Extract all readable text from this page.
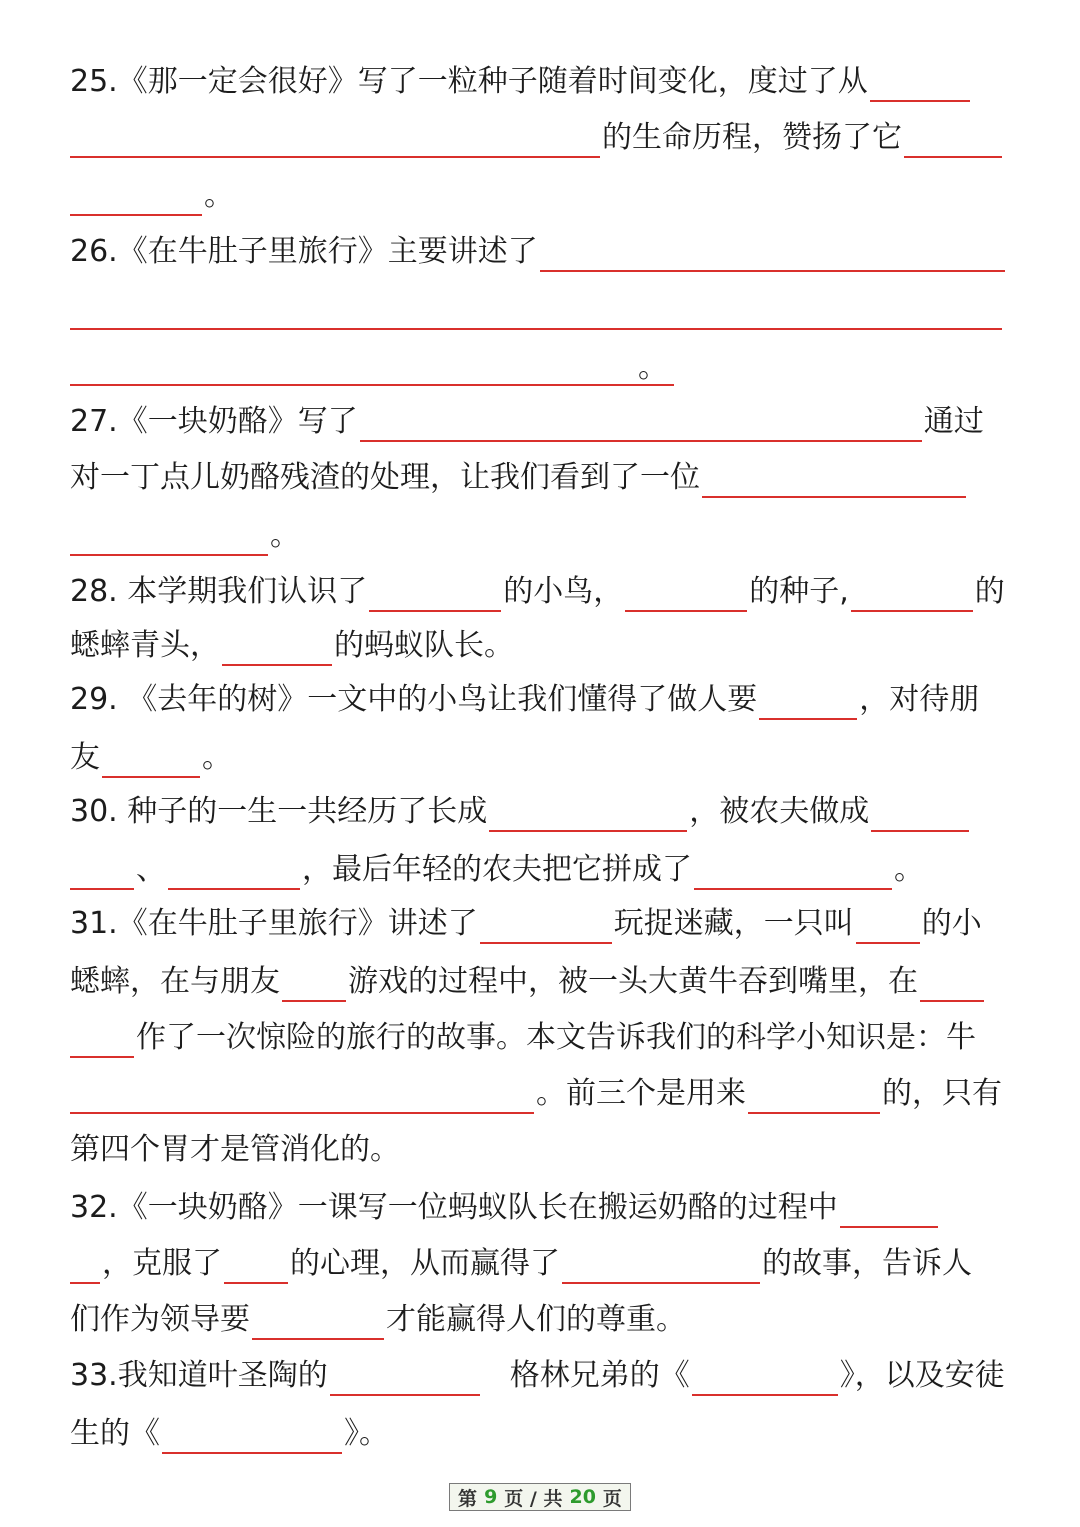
25.《那一定会很好》写了一粒种子随着时间变化，度过了从
的生命历程，赞扬了它
。
26.《在牛肚子里旅行》主要讲述了
。
27.《一块奶酪》写了	通过
对一丁点儿奶酪残渣的处理，让我们看到了一位
。
28. 本学期我们认识了	的小鸟，	的种子,	的
蟋蟀青头，	的蚂蚁队长。
29. 《去年的树》一文中的小鸟让我们懂得了做人要	，对待朋
友	。
30. 种子的一生一共经历了长成	，被农夫做成
、	，最后年轻的农夫把它拼成了	。
31.《在牛肚子里旅行》讲述了	玩捉迷藏，一只叫 的小
蟋蟀，在与朋友 游戏的过程中，被一头大黄牛吞到嘴里，在
作了一次惊险的旅行的故事。本文告诉我们的科学小知识是：牛
。前三个是用来	的，只有
第四个胃才是管消化的。
32.《一块奶酪》一课写一位蚂蚁队长在搬运奶酪的过程中
，克服了 的心理，从而赢得了	的故事，告诉人
们作为领导要	才能赢得人们的尊重。
33.我知道叶圣陶的	格林兄弟的《	》，以及安徒
生的《	》。
第 9 页 / 共 20 页
